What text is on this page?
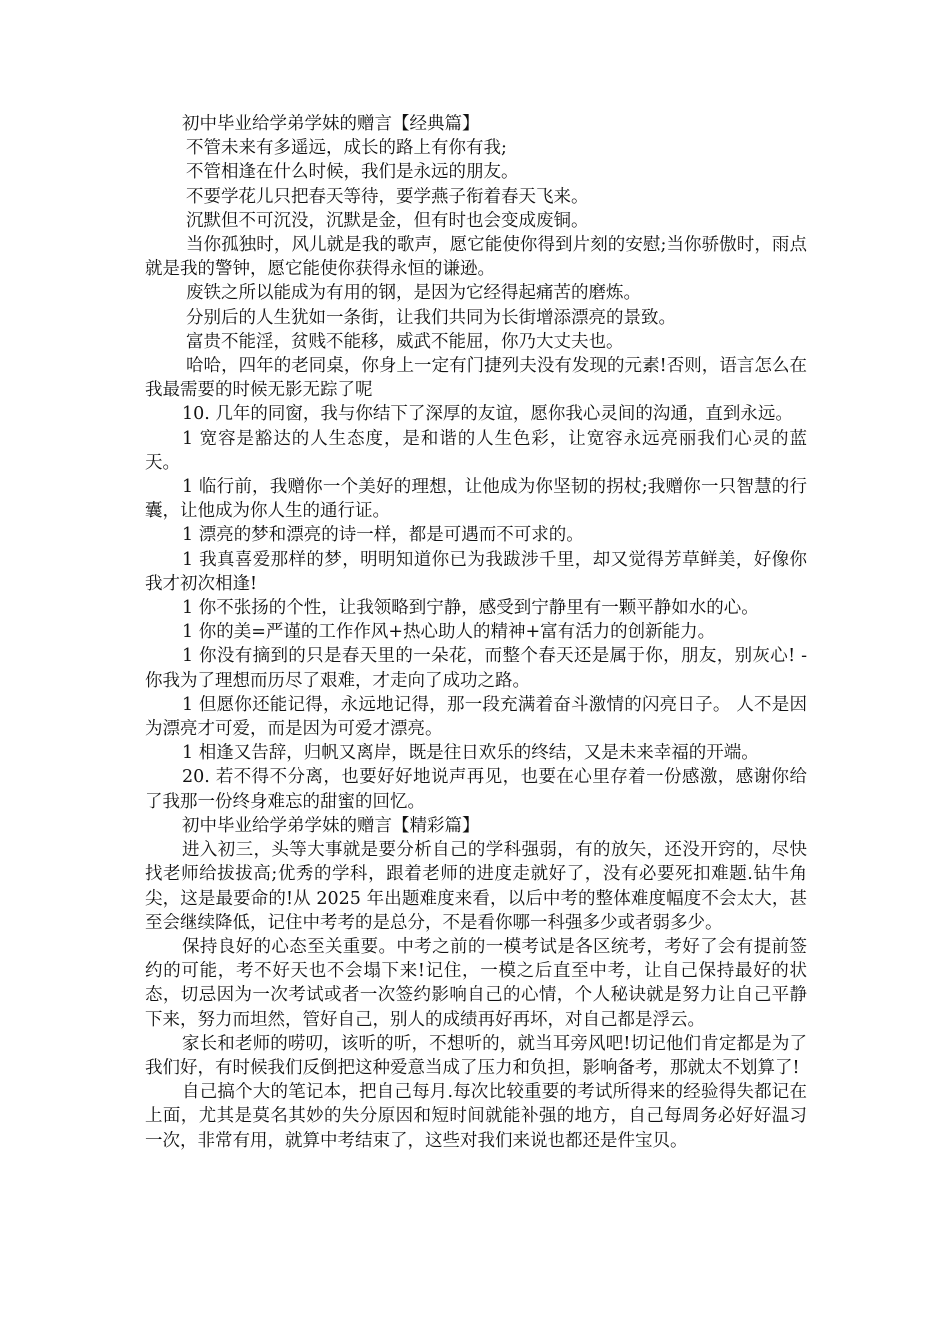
初中毕业给学弟学妹的赠言【经典篇】

不管未来有多遥远，成长的路上有你有我;

不管相逢在什么时候，我们是永远的朋友。

不要学花儿只把春天等待，要学燕子衔着春天飞来。

沉默但不可沉没，沉默是金，但有时也会变成废铜。

当你孤独时，风儿就是我的歌声，愿它能使你得到片刻的安慰;当你骄傲时，雨点就是我的警钟，愿它能使你获得永恒的谦逊。

废铁之所以能成为有用的钢，是因为它经得起痛苦的磨炼。

分别后的人生犹如一条街，让我们共同为长街增添漂亮的景致。

富贵不能淫，贫贱不能移，威武不能屈，你乃大丈夫也。

哈哈，四年的老同桌，你身上一定有门捷列夫没有发现的元素!否则，语言怎么在我最需要的时候无影无踪了呢

10. 几年的同窗，我与你结下了深厚的友谊，愿你我心灵间的沟通，直到永远。

1 宽容是豁达的人生态度，是和谐的人生色彩，让宽容永远亮丽我们心灵的蓝天。

1 临行前，我赠你一个美好的理想，让他成为你坚韧的拐杖;我赠你一只智慧的行囊，让他成为你人生的通行证。

1 漂亮的梦和漂亮的诗一样，都是可遇而不可求的。

1 我真喜爱那样的梦，明明知道你已为我跋涉千里，却又觉得芳草鲜美，好像你我才初次相逢!

1 你不张扬的个性，让我领略到宁静，感受到宁静里有一颗平静如水的心。

1 你的美=严谨的工作作风+热心助人的精神+富有活力的创新能力。

1 你没有摘到的只是春天里的一朵花，而整个春天还是属于你，朋友，别灰心! - 你我为了理想而历尽了艰难，才走向了成功之路。

1 但愿你还能记得，永远地记得，那一段充满着奋斗激情的闪亮日子。 人不是因为漂亮才可爱，而是因为可爱才漂亮。

1 相逢又告辞，归帆又离岸，既是往日欢乐的终结，又是未来幸福的开端。

20. 若不得不分离，也要好好地说声再见，也要在心里存着一份感激，感谢你给了我那一份终身难忘的甜蜜的回忆。

初中毕业给学弟学妹的赠言【精彩篇】

进入初三，头等大事就是要分析自己的学科强弱，有的放矢，还没开窍的，尽快找老师给拔拔高;优秀的学科，跟着老师的进度走就好了，没有必要死扣难题.钻牛角尖，这是最要命的!从 2025 年出题难度来看，以后中考的整体难度幅度不会太大，甚至会继续降低，记住中考考的是总分，不是看你哪一科强多少或者弱多少。

保持良好的心态至关重要。中考之前的一模考试是各区统考，考好了会有提前签约的可能，考不好天也不会塌下来!记住，一模之后直至中考，让自己保持最好的状态，切忌因为一次考试或者一次签约影响自己的心情，个人秘诀就是努力让自己平静下来，努力而坦然，管好自己，别人的成绩再好再坏，对自己都是浮云。

家长和老师的唠叨，该听的听，不想听的，就当耳旁风吧!切记他们肯定都是为了我们好，有时候我们反倒把这种爱意当成了压力和负担，影响备考，那就太不划算了!

自己搞个大的笔记本，把自己每月.每次比较重要的考试所得来的经验得失都记在上面，尤其是莫名其妙的失分原因和短时间就能补强的地方，自己每周务必好好温习一次，非常有用，就算中考结束了，这些对我们来说也都还是件宝贝。
